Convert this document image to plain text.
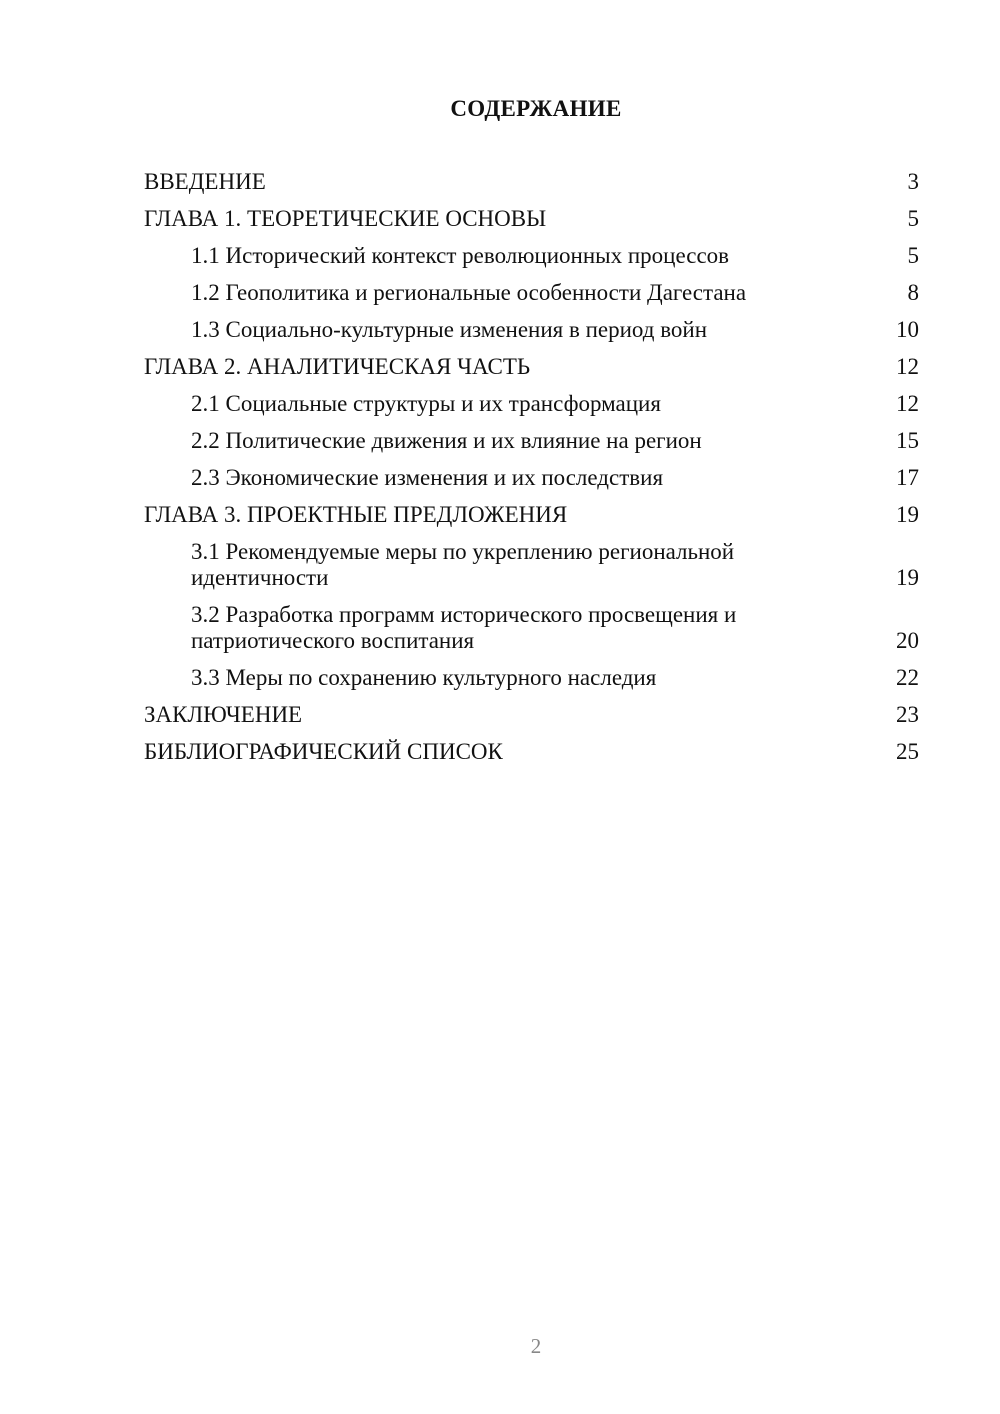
СОДЕРЖАНИЕ
ВВЕДЕНИЕ	3
ГЛАВА 1. ТЕОРЕТИЧЕСКИЕ ОСНОВЫ	5
1.1 Исторический контекст революционных процессов	5
1.2 Геополитика и региональные особенности Дагестана	8
1.3 Социально-культурные изменения в период войн	10
ГЛАВА 2. АНАЛИТИЧЕСКАЯ ЧАСТЬ	12
2.1 Социальные структуры и их трансформация	12
2.2 Политические движения и их влияние на регион	15
2.3 Экономические изменения и их последствия	17
ГЛАВА 3. ПРОЕКТНЫЕ ПРЕДЛОЖЕНИЯ	19
3.1 Рекомендуемые меры по укреплению региональной идентичности	19
3.2 Разработка программ исторического просвещения и патриотического воспитания	20
3.3 Меры по сохранению культурного наследия	22
ЗАКЛЮЧЕНИЕ	23
БИБЛИОГРАФИЧЕСКИЙ СПИСОК	25
2
